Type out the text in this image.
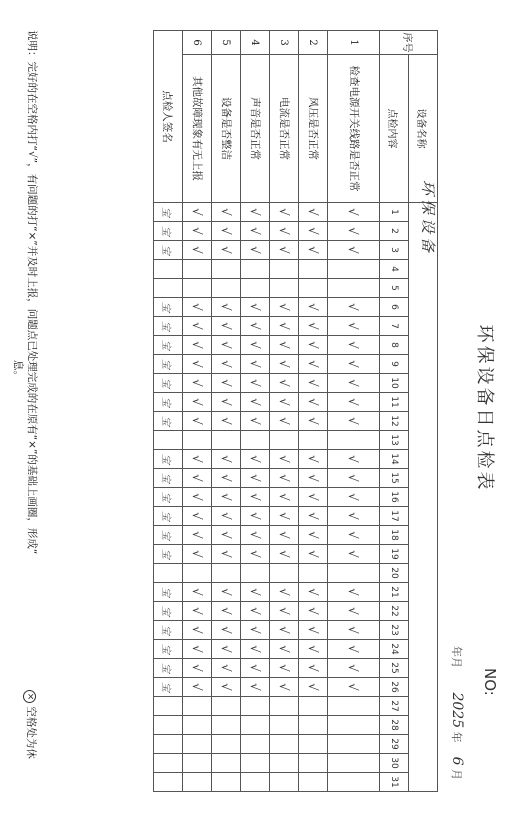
环保设备日点检表
NO:
年月       2025 年    6 月
环保设备
序号	设备名称																															
	点检内容	1	2	3	4	5	6	7	8	9	10	11	12	13	14	15	16	17	18	19	20	21	22	23	24	25	26	27	28	29	30	31
1	检查电源开关线路是否正常	√	√	√			√	√	√	√	√	√	√		√	√	√	√	√	√		√	√	√	√	√	√					
2	风压是否正常	√	√	√			√	√	√	√	√	√	√		√	√	√	√	√	√		√	√	√	√	√	√					
3	电流是否正常	√	√	√			√	√	√	√	√	√	√		√	√	√	√	√	√		√	√	√	√	√	√					
4	声音是否正常	√	√	√			√	√	√	√	√	√	√		√	√	√	√	√	√		√	√	√	√	√	√					
5	设备是否整洁	√	√	√			√	√	√	√	√	√	√		√	√	√	√	√	√		√	√	√	√	√	√					
6	其他故障现象有无上报	√	√	√			√	√	√	√	√	√	√		√	√	√	√	√	√		√	√	√	√	√	√					
点检人签名		宝	宝	宝			宝	宝	宝	宝	宝	宝	宝		宝	宝	宝	宝	宝	宝		宝	宝	宝	宝	宝	宝					
说明：完好的在空格内打“√”，有问题的打“×”并及时上报，问题点已处理完成的在原有“×”的基础上画圈，形成“
息。
× 空格处为休
